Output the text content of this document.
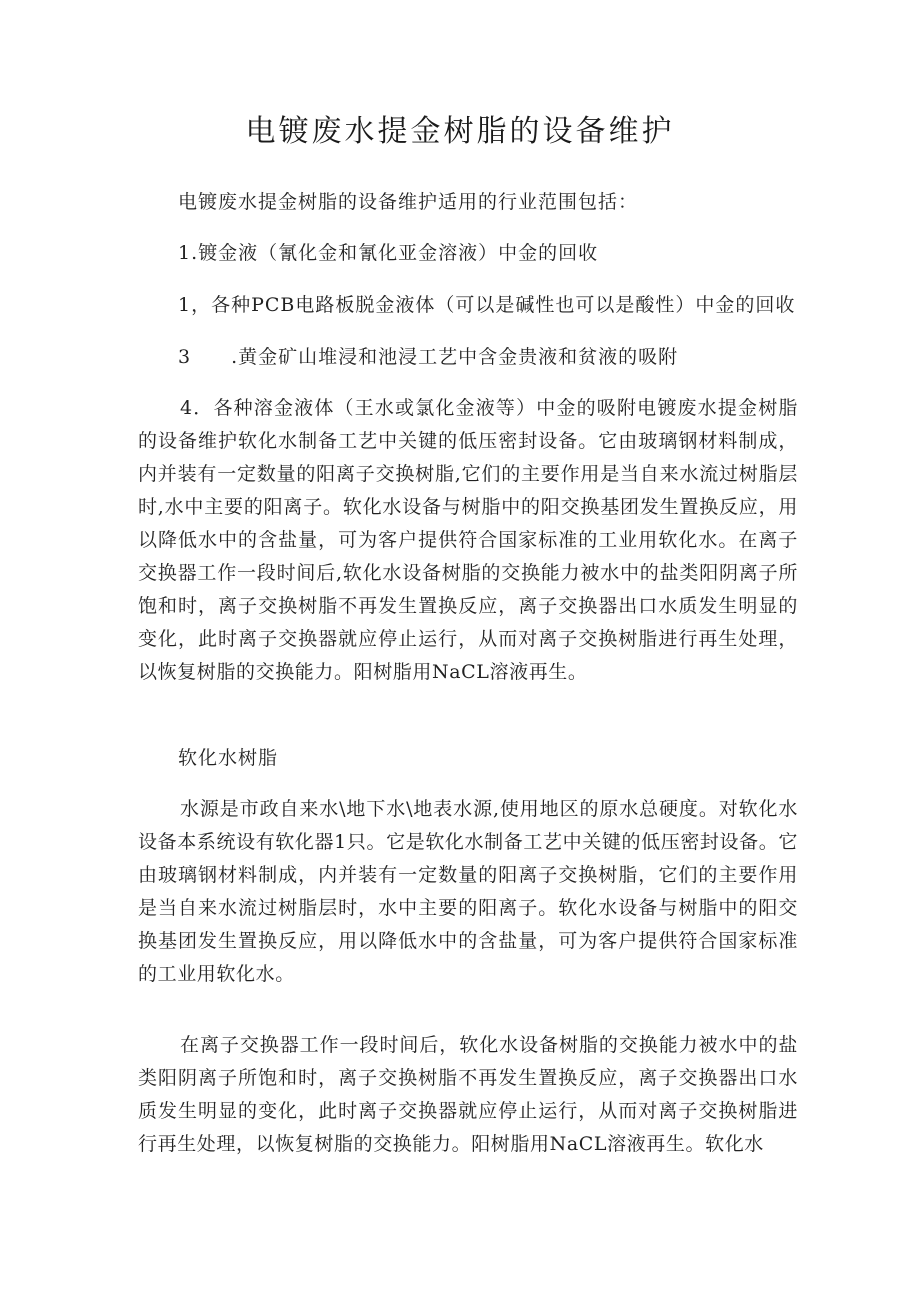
电镀废水提金树脂的设备维护
电镀废水提金树脂的设备维护适用的行业范围包括：
1.镀金液（氰化金和氰化亚金溶液）中金的回收
1，各种PCB电路板脱金液体（可以是碱性也可以是酸性）中金的回收
3　　.黄金矿山堆浸和池浸工艺中含金贵液和贫液的吸附
4．各种溶金液体（王水或氯化金液等）中金的吸附电镀废水提金树脂的设备维护软化水制备工艺中关键的低压密封设备。它由玻璃钢材料制成，内并装有一定数量的阳离子交换树脂,它们的主要作用是当自来水流过树脂层时,水中主要的阳离子。软化水设备与树脂中的阳交换基团发生置换反应，用以降低水中的含盐量，可为客户提供符合国家标准的工业用软化水。在离子交换器工作一段时间后,软化水设备树脂的交换能力被水中的盐类阳阴离子所饱和时，离子交换树脂不再发生置换反应，离子交换器出口水质发生明显的变化，此时离子交换器就应停止运行，从而对离子交换树脂进行再生处理，以恢复树脂的交换能力。阳树脂用NaCL溶液再生。
软化水树脂
水源是市政自来水\地下水\地表水源,使用地区的原水总硬度。对软化水设备本系统设有软化器1只。它是软化水制备工艺中关键的低压密封设备。它由玻璃钢材料制成，内并装有一定数量的阳离子交换树脂，它们的主要作用是当自来水流过树脂层时，水中主要的阳离子。软化水设备与树脂中的阳交换基团发生置换反应，用以降低水中的含盐量，可为客户提供符合国家标准的工业用软化水。
在离子交换器工作一段时间后，软化水设备树脂的交换能力被水中的盐类阳阴离子所饱和时，离子交换树脂不再发生置换反应，离子交换器出口水质发生明显的变化，此时离子交换器就应停止运行，从而对离子交换树脂进行再生处理，以恢复树脂的交换能力。阳树脂用NaCL溶液再生。软化水
